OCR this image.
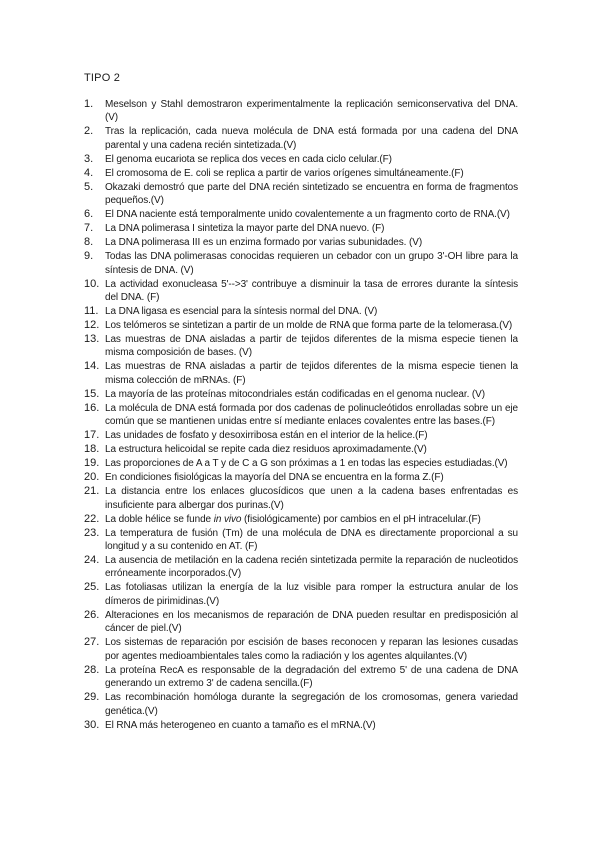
TIPO 2
1.	Meselson y Stahl demostraron experimentalmente la replicación semiconservativa del DNA. (V)
2.	Tras la replicación, cada nueva molécula de DNA está formada por una cadena del DNA parental y una cadena recién sintetizada.(V)
3.	El genoma eucariota se replica dos veces en cada ciclo celular.(F)
4.	El cromosoma de E. coli se replica a partir de varios orígenes simultáneamente.(F)
5.	Okazaki demostró que parte del DNA recién sintetizado se encuentra en forma de fragmentos pequeños.(V)
6.	El DNA naciente está temporalmente unido covalentemente a un fragmento corto de RNA.(V)
7.	La DNA polimerasa I sintetiza la mayor parte del DNA nuevo. (F)
8.	La DNA polimerasa III es un enzima formado por varias subunidades. (V)
9.	Todas las DNA polimerasas conocidas requieren un cebador con un grupo 3'-OH libre para la síntesis de DNA. (V)
10. La actividad exonucleasa 5'-->3' contribuye a disminuir la tasa de errores durante la síntesis del DNA. (F)
11. La DNA ligasa es esencial para la síntesis normal del DNA. (V)
12. Los telómeros se sintetizan a partir de un molde de RNA que forma parte de la telomerasa.(V)
13. Las muestras de DNA aisladas a partir de tejidos diferentes de la misma especie tienen la misma composición de bases. (V)
14. Las muestras de RNA aisladas a partir de tejidos diferentes de la misma especie tienen la misma colección de mRNAs. (F)
15. La mayoría de las proteínas mitocondriales están codificadas en el genoma nuclear. (V)
16. La molécula de DNA está formada por dos cadenas de polinucleótidos enrolladas sobre un eje común que se mantienen unidas entre sí mediante enlaces covalentes entre las bases.(F)
17. Las unidades de fosfato y desoxirribosa están en el interior de la helice.(F)
18. La estructura helicoidal se repite cada diez residuos aproximadamente.(V)
19. Las proporciones de A a T y de C a G son próximas a 1 en todas las especies estudiadas.(V)
20. En condiciones fisiológicas la mayoría del DNA se encuentra en la forma Z.(F)
21. La distancia entre los enlaces glucosídicos que unen a la cadena bases enfrentadas es insuficiente para albergar dos purinas.(V)
22. La doble hélice se funde in vivo (fisiológicamente) por cambios en el pH intracelular.(F)
23. La temperatura de fusión (Tm) de una molécula de DNA es directamente proporcional a su longitud y a su contenido en AT. (F)
24. La ausencia de metilación en la cadena recién sintetizada permite la reparación de nucleotidos erróneamente incorporados.(V)
25. Las fotoliasas utilizan la energía de la luz visible para romper la estructura anular de los dímeros de pirimidinas.(V)
26. Alteraciones en los mecanismos de reparación de DNA pueden resultar en predisposición al cáncer de piel.(V)
27. Los sistemas de reparación por escisión de bases reconocen y reparan las lesiones cusadas por agentes medioambientales tales como la radiación y los agentes alquilantes.(V)
28. La proteína RecA es responsable de la degradación del extremo 5' de una cadena de DNA generando un extremo 3' de cadena sencilla.(F)
29. Las recombinación homóloga durante la segregación de los cromosomas, genera variedad genética.(V)
30. El RNA más heterogeneo en cuanto a tamaño es el mRNA.(V)
